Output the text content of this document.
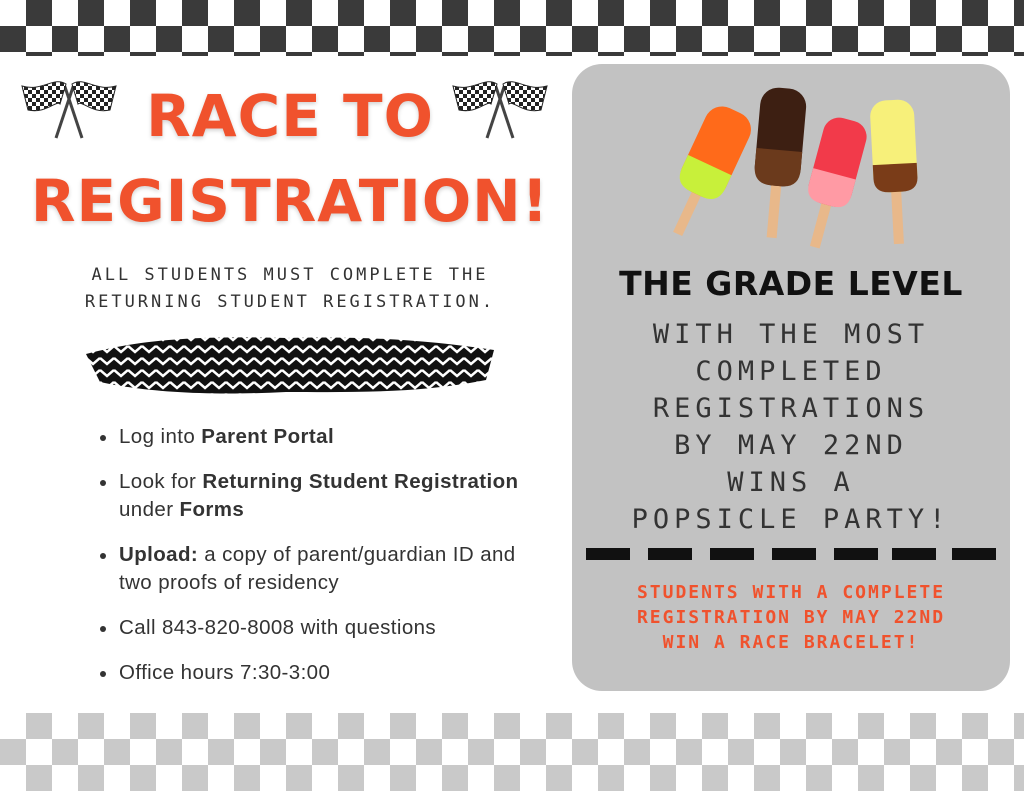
RACE TO
REGISTRATION!
ALL STUDENTS MUST COMPLETE THE
RETURNING STUDENT REGISTRATION.
Log into Parent Portal
Look for Returning Student Registration under Forms
Upload: a copy of parent/guardian ID and two proofs of residency
Call 843-820-8008 with questions
Office hours 7:30-3:00
THE GRADE LEVEL
WITH THE MOST
COMPLETED
REGISTRATIONS
BY MAY 22ND
WINS A
POPSICLE PARTY!
STUDENTS WITH A COMPLETE
REGISTRATION BY MAY 22ND
WIN A RACE BRACELET!
